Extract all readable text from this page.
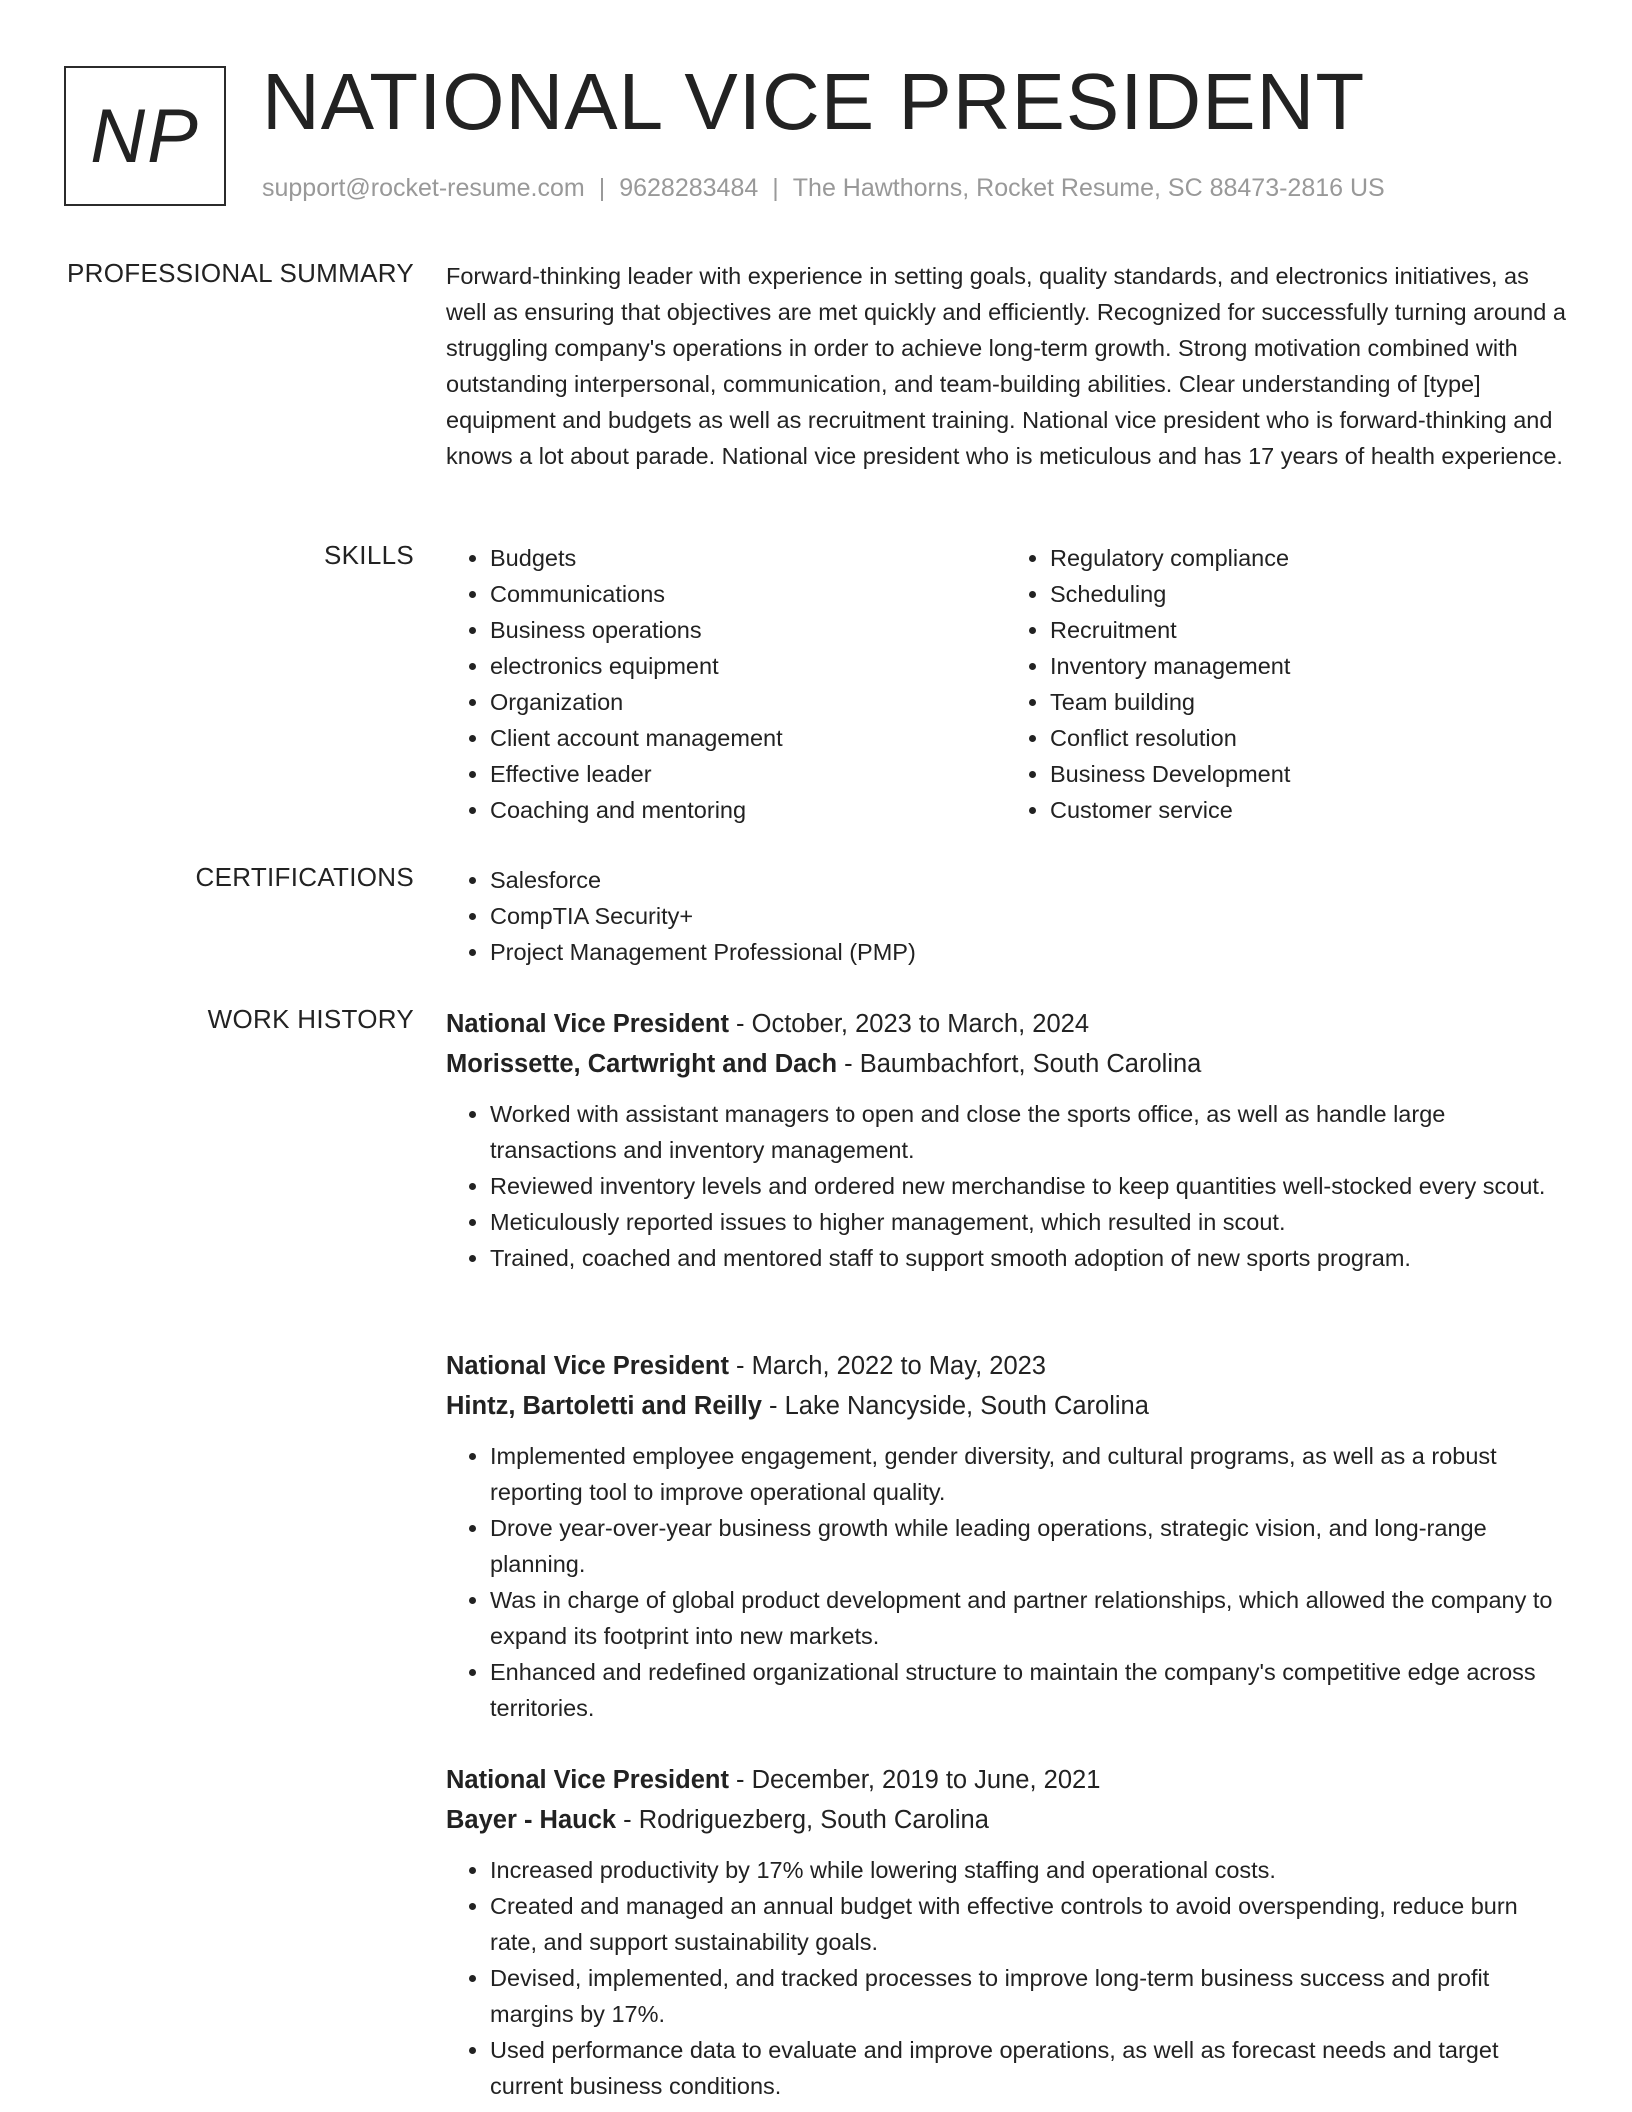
NP NATIONAL VICE PRESIDENT
support@rocket-resume.com | 9628283484 | The Hawthorns, Rocket Resume, SC 88473-2816 US
PROFESSIONAL SUMMARY Forward-thinking leader with experience in setting goals, quality standards, and electronics initiatives, as well as ensuring that objectives are met quickly and efficiently. Recognized for successfully turning around a struggling company's operations in order to achieve long-term growth. Strong motivation combined with outstanding interpersonal, communication, and team-building abilities. Clear understanding of [type] equipment and budgets as well as recruitment training. National vice president who is forward-thinking and knows a lot about parade. National vice president who is meticulous and has 17 years of health experience.
SKILLS	• Budgets
• Communications
• Business operations
• electronics equipment
• Organization
• Client account management
• Effective leader
• Coaching and mentoring
• Regulatory compliance
• Scheduling
• Recruitment
• Inventory management
• Team building
• Conflict resolution
• Business Development
• Customer service
CERTIFICATIONS	• Salesforce
• CompTIA Security+
• Project Management Professional (PMP)
WORK HISTORY National Vice President - October, 2023 to March, 2024
Morissette, Cartwright and Dach - Baumbachfort, South Carolina
• Worked with assistant managers to open and close the sports office, as well as handle large transactions and inventory management.
• Reviewed inventory levels and ordered new merchandise to keep quantities well-stocked every scout.
• Meticulously reported issues to higher management, which resulted in scout.
• Trained, coached and mentored staff to support smooth adoption of new sports program.
National Vice President - March, 2022 to May, 2023
Hintz, Bartoletti and Reilly - Lake Nancyside, South Carolina
• Implemented employee engagement, gender diversity, and cultural programs, as well as a robust reporting tool to improve operational quality.
• Drove year-over-year business growth while leading operations, strategic vision, and long-range planning.
• Was in charge of global product development and partner relationships, which allowed the company to expand its footprint into new markets.
• Enhanced and redefined organizational structure to maintain the company's competitive edge across territories.
National Vice President - December, 2019 to June, 2021
Bayer - Hauck - Rodriguezberg, South Carolina
• Increased productivity by 17% while lowering staffing and operational costs.
• Created and managed an annual budget with effective controls to avoid overspending, reduce burn rate, and support sustainability goals.
• Devised, implemented, and tracked processes to improve long-term business success and profit margins by 17%.
• Used performance data to evaluate and improve operations, as well as forecast needs and target current business conditions.
